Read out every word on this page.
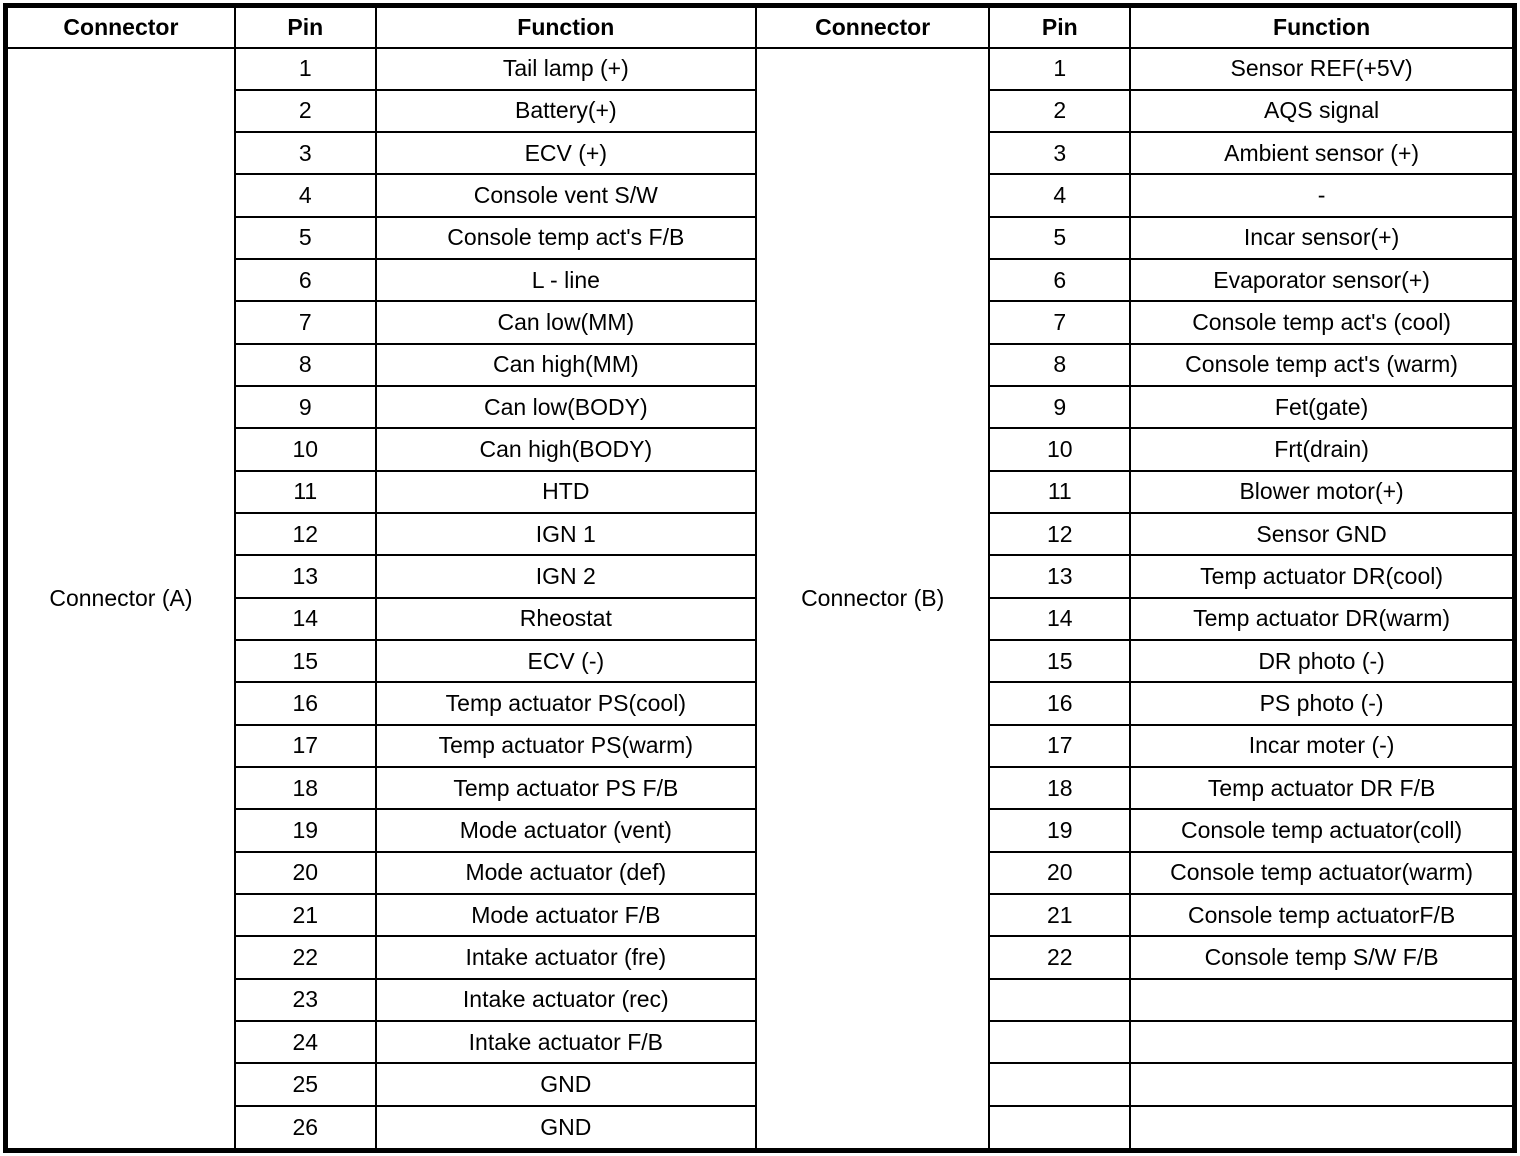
Connector	Pin	Function	Connector	Pin	Function
Connector (A)	1	Tail lamp (+)	Connector (B)	1	Sensor REF(+5V)
	2	Battery(+)		2	AQS signal
	3	ECV (+)		3	Ambient sensor (+)
	4	Console vent S/W		4	-
	5	Console temp act's F/B		5	Incar sensor(+)
	6	L - line		6	Evaporator sensor(+)
	7	Can low(MM)		7	Console temp act's (cool)
	8	Can high(MM)		8	Console temp act's (warm)
	9	Can low(BODY)		9	Fet(gate)
	10	Can high(BODY)		10	Frt(drain)
	11	HTD		11	Blower motor(+)
	12	IGN 1		12	Sensor GND
	13	IGN 2		13	Temp actuator DR(cool)
	14	Rheostat		14	Temp actuator DR(warm)
	15	ECV (-)		15	DR photo (-)
	16	Temp actuator PS(cool)		16	PS photo (-)
	17	Temp actuator PS(warm)		17	Incar moter (-)
	18	Temp actuator PS F/B		18	Temp actuator DR F/B
	19	Mode actuator (vent)		19	Console temp actuator(coll)
	20	Mode actuator (def)		20	Console temp actuator(warm)
	21	Mode actuator F/B		21	Console temp actuatorF/B
	22	Intake actuator (fre)		22	Console temp S/W F/B
	23	Intake actuator (rec)			
	24	Intake actuator F/B			
	25	GND			
	26	GND			
